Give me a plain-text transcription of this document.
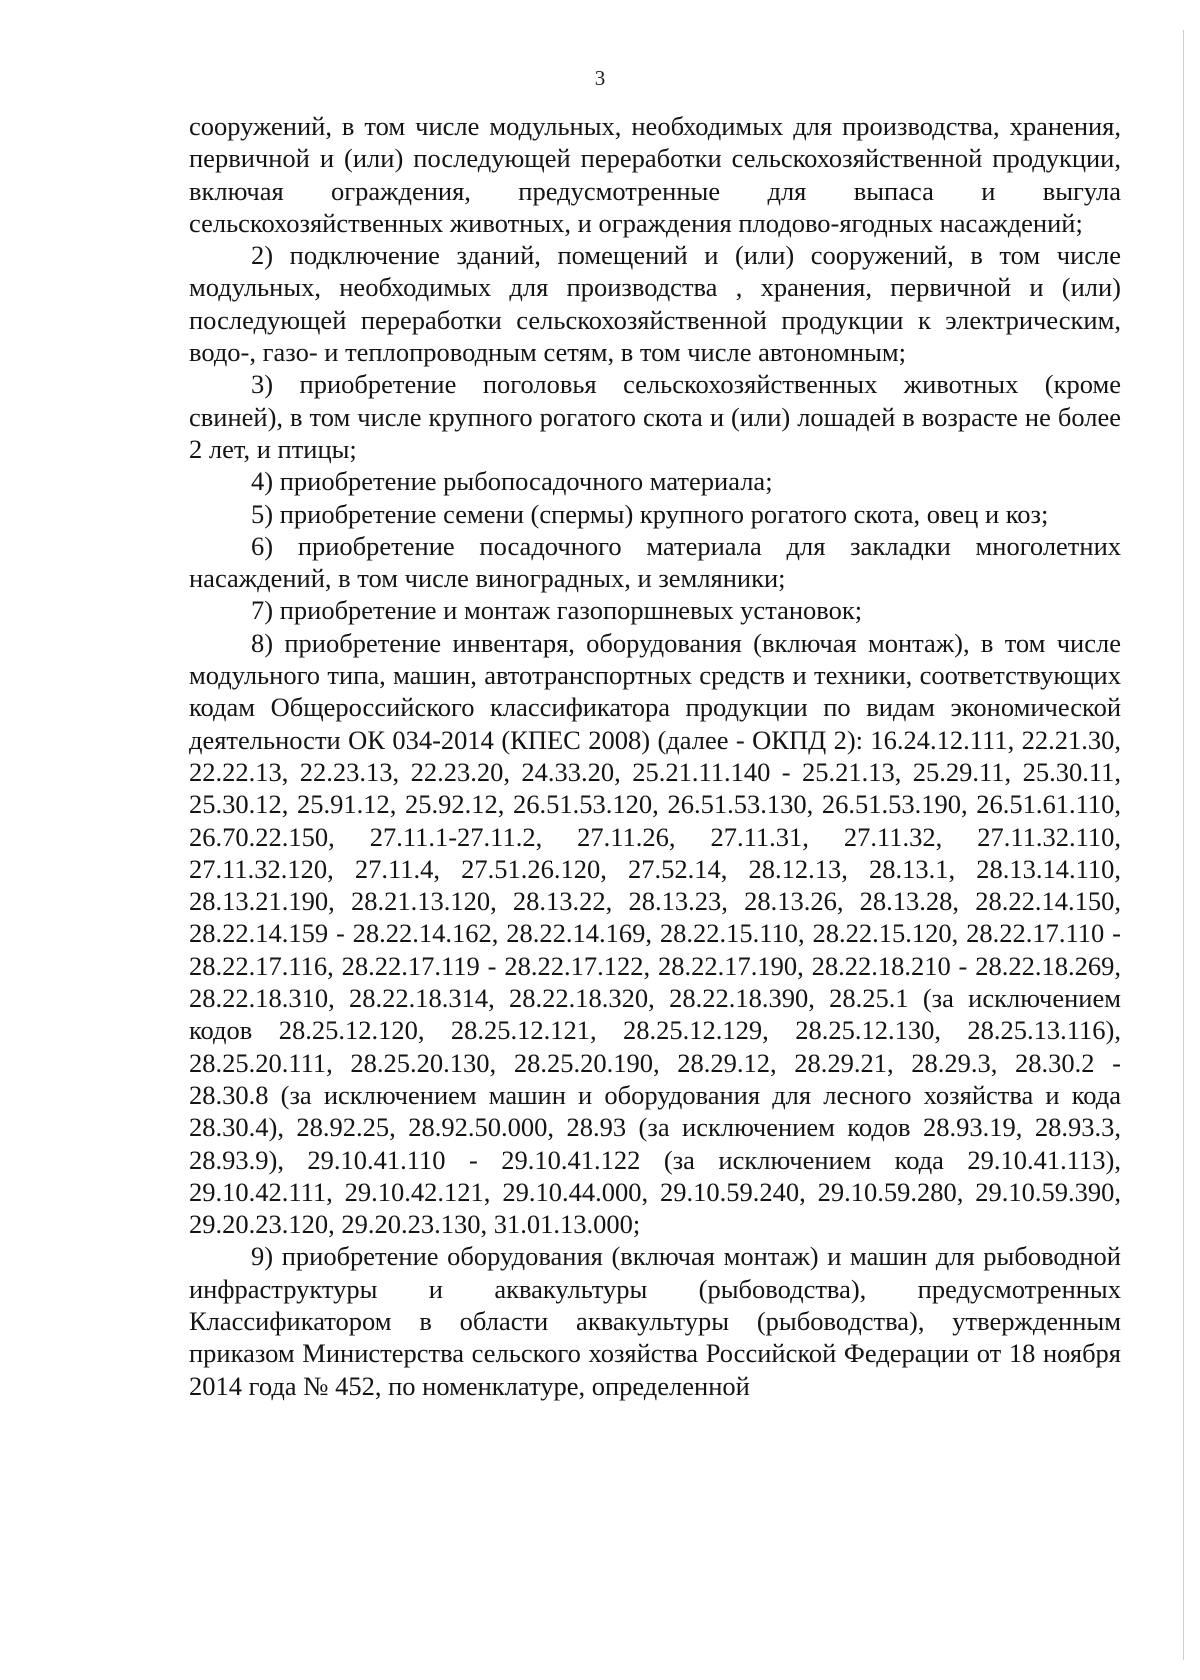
3

сооружений, в том числе модульных, необходимых для производства, хранения, первичной и (или) последующей переработки сельскохозяйственной продукции, включая ограждения, предусмотренные для выпаса и выгула сельскохозяйственных животных, и ограждения плодово-ягодных насаждений;

2) подключение зданий, помещений и (или) сооружений, в том числе модульных, необходимых для производства , хранения, первичной и (или) последующей переработки сельскохозяйственной продукции к электрическим, водо-, газо- и теплопроводным сетям, в том числе автономным;

3) приобретение поголовья сельскохозяйственных животных (кроме свиней), в том числе крупного рогатого скота и (или) лошадей в возрасте не более 2 лет, и птицы;

4) приобретение рыбопосадочного материала;

5) приобретение семени (спермы) крупного рогатого скота, овец и коз;

6) приобретение посадочного материала для закладки многолетних насаждений, в том числе виноградных, и земляники;

7) приобретение и монтаж газопоршневых установок;

8) приобретение инвентаря, оборудования (включая монтаж), в том числе модульного типа, машин, автотранспортных средств и техники, соответствующих кодам Общероссийского классификатора продукции по видам экономической деятельности ОК 034-2014 (КПЕС 2008) (далее - ОКПД 2): 16.24.12.111, 22.21.30, 22.22.13, 22.23.13, 22.23.20, 24.33.20, 25.21.11.140 - 25.21.13, 25.29.11, 25.30.11, 25.30.12, 25.91.12, 25.92.12, 26.51.53.120, 26.51.53.130, 26.51.53.190, 26.51.61.110, 26.70.22.150, 27.11.1-27.11.2, 27.11.26, 27.11.31, 27.11.32, 27.11.32.110, 27.11.32.120, 27.11.4, 27.51.26.120, 27.52.14, 28.12.13, 28.13.1, 28.13.14.110, 28.13.21.190, 28.21.13.120, 28.13.22, 28.13.23, 28.13.26, 28.13.28, 28.22.14.150, 28.22.14.159 - 28.22.14.162, 28.22.14.169, 28.22.15.110, 28.22.15.120, 28.22.17.110 - 28.22.17.116, 28.22.17.119 - 28.22.17.122, 28.22.17.190, 28.22.18.210 - 28.22.18.269, 28.22.18.310, 28.22.18.314, 28.22.18.320, 28.22.18.390, 28.25.1 (за исключением кодов 28.25.12.120, 28.25.12.121, 28.25.12.129, 28.25.12.130, 28.25.13.116), 28.25.20.111, 28.25.20.130, 28.25.20.190, 28.29.12, 28.29.21, 28.29.3, 28.30.2 - 28.30.8 (за исключением машин и оборудования для лесного хозяйства и кода 28.30.4), 28.92.25, 28.92.50.000, 28.93 (за исключением кодов 28.93.19, 28.93.3, 28.93.9), 29.10.41.110 - 29.10.41.122 (за исключением кода 29.10.41.113), 29.10.42.111, 29.10.42.121, 29.10.44.000, 29.10.59.240, 29.10.59.280, 29.10.59.390, 29.20.23.120, 29.20.23.130, 31.01.13.000;

9) приобретение оборудования (включая монтаж) и машин для рыбоводной инфраструктуры и аквакультуры (рыбоводства), предусмотренных Классификатором в области аквакультуры (рыбоводства), утвержденным приказом Министерства сельского хозяйства Российской Федерации от 18 ноября 2014 года № 452, по номенклатуре, определенной
